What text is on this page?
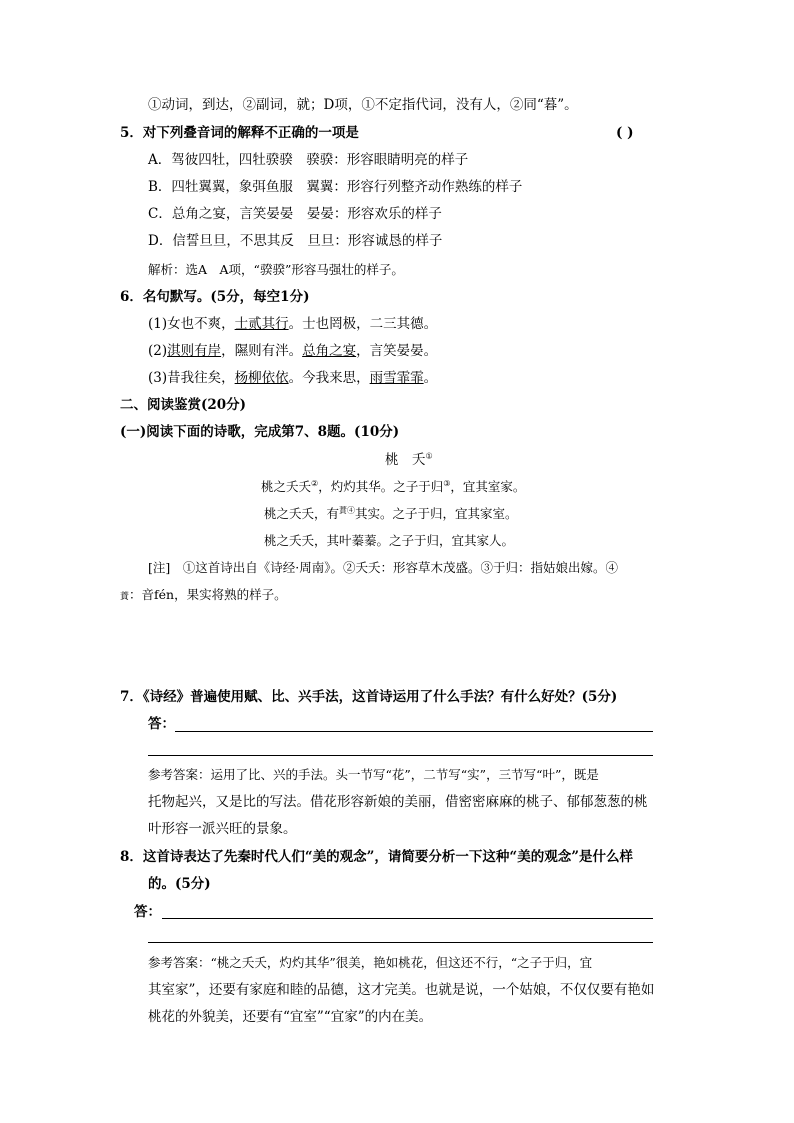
①动词，到达，②副词，就；D项，①不定指代词，没有人，②同“暮”。
5．对下列叠音词的解释不正确的一项是	( )
A．驾彼四牡，四牡骙骙　骙骙：形容眼睛明亮的样子
B．四牡翼翼，象弭鱼服　翼翼：形容行列整齐动作熟练的样子
C．总角之宴，言笑晏晏　晏晏：形容欢乐的样子
D．信誓旦旦，不思其反　旦旦：形容诚恳的样子
解析：选A　A项，“骙骙”形容马强壮的样子。
6．名句默写。(5分，每空1分)
(1)女也不爽，士贰其行。士也罔极，二三其德。
(2)淇则有岸，隰则有泮。总角之宴，言笑晏晏。
(3)昔我往矣，杨柳依依。今我来思，雨雪霏霏。
二、阅读鉴赏(20分)
(一)阅读下面的诗歌，完成第7、8题。(10分)
桃　夭①
桃之夭夭②，灼灼其华。之子于归③，宜其室家。
桃之夭夭，有$^{蕡④}$其实。之子于归，宜其家室。
桃之夭夭，其叶蓁蓁。之子于归，宜其家人。
[注]　①这首诗出自《诗经·周南》。②夭夭：形容草木茂盛。③于归：指姑娘出嫁。④
蕡：音fén，果实将熟的样子。
7．《诗经》普遍使用赋、比、兴手法，这首诗运用了什么手法？有什么好处？(5分)
答：
参考答案：运用了比、兴的手法。头一节写“花”，二节写“实”，三节写“叶”，既是
托物起兴，又是比的写法。借花形容新娘的美丽，借密密麻麻的桃子、郁郁葱葱的桃
叶形容一派兴旺的景象。
8．这首诗表达了先秦时代人们“美的观念”，请简要分析一下这种“美的观念”是什么样
的。(5分)
答：
参考答案：“桃之夭夭，灼灼其华”很美，艳如桃花，但这还不行，“之子于归，宜
其室家”，还要有家庭和睦的品德，这才完美。也就是说，一个姑娘，不仅仅要有艳如
桃花的外貌美，还要有“宜室”“宜家”的内在美。
